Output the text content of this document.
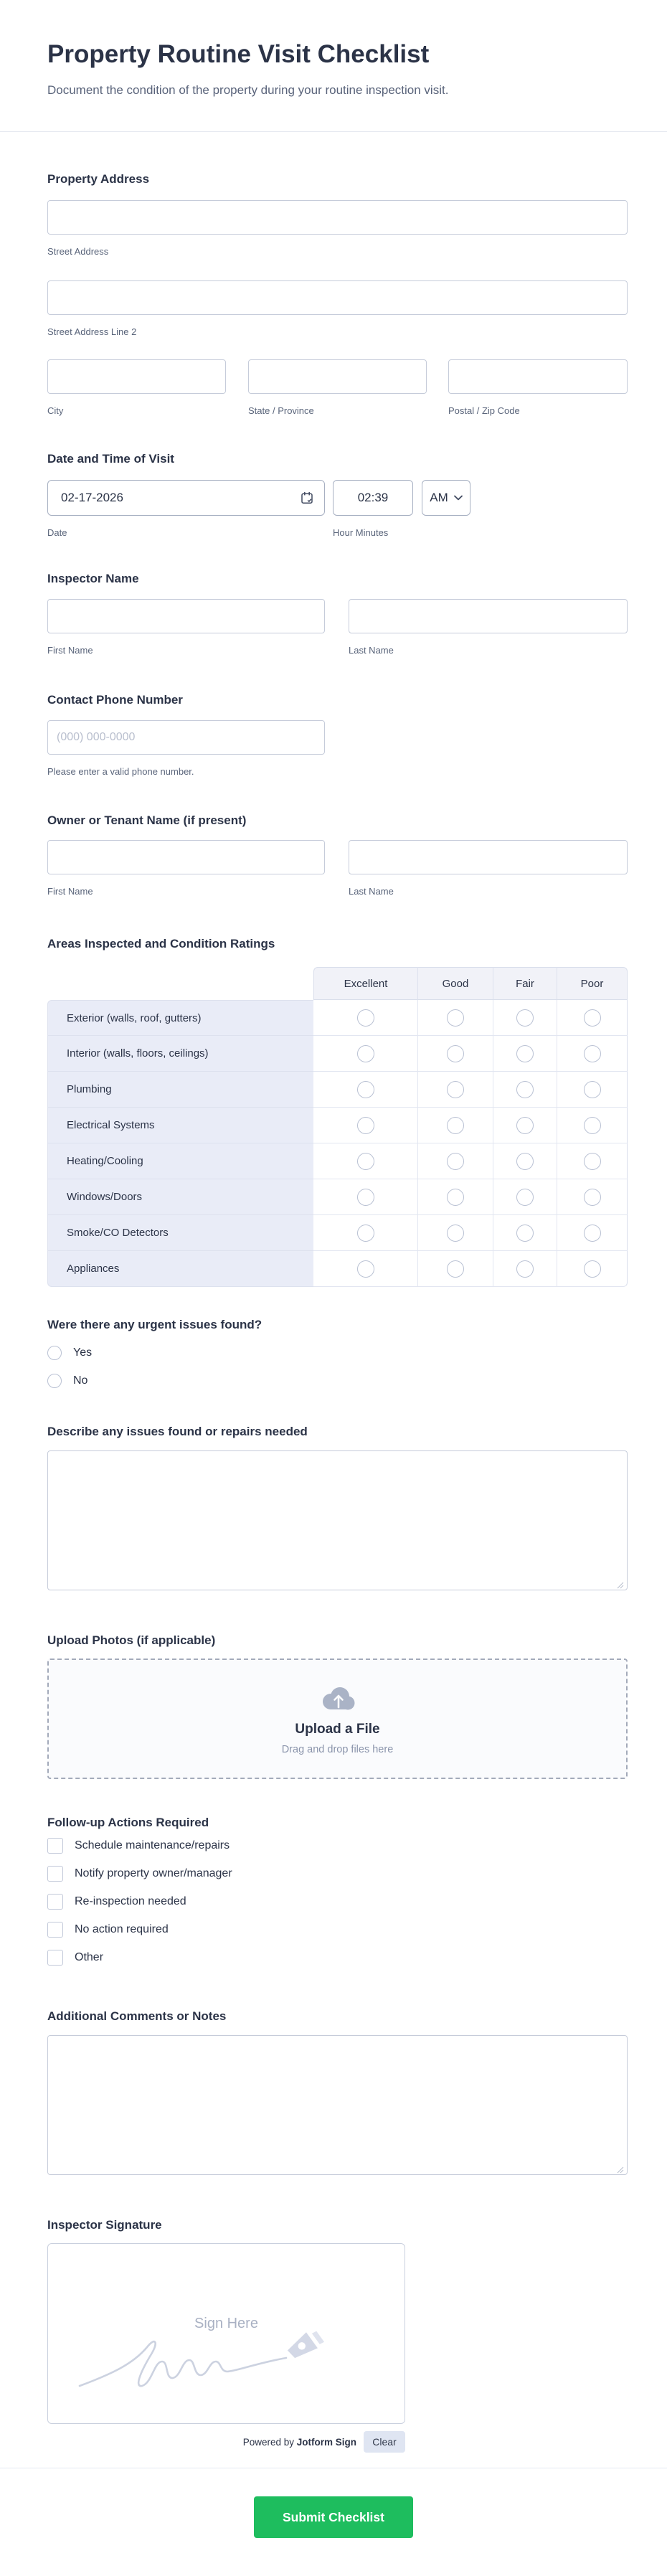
Property Routine Visit Checklist

Document the condition of the property during your routine inspection visit.

Property Address
Street Address
Street Address Line 2
City	State / Province	Postal / Zip Code
Date and Time of Visit
02-17-2026	02:39	AM
Date	Hour Minutes
Inspector Name
First Name	Last Name
Contact Phone Number
(000) 000-0000
Please enter a valid phone number.
Owner or Tenant Name (if present)
First Name	Last Name
Areas Inspected and Condition Ratings
Excellent	Good	Fair	Poor
Exterior (walls, roof, gutters)
Interior (walls, floors, ceilings)
Plumbing
Electrical Systems
Heating/Cooling
Windows/Doors
Smoke/CO Detectors
Appliances
Were there any urgent issues found?
Yes
No
Describe any issues found or repairs needed
Upload Photos (if applicable)
Upload a File
Drag and drop files here
Follow-up Actions Required
Schedule maintenance/repairs
Notify property owner/manager
Re-inspection needed
No action required
Other
Additional Comments or Notes
Inspector Signature
Sign Here
Powered by Jotform Sign	Clear
Submit Checklist
